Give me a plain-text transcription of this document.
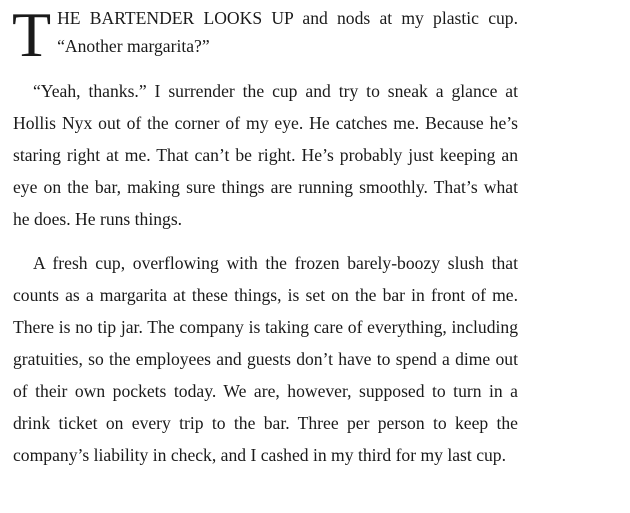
T HE BARTENDER LOOKS UP and nods at my plastic cup. “Another margarita?”

“Yeah, thanks.” I surrender the cup and try to sneak a glance at Hollis Nyx out of the corner of my eye. He catches me. Because he’s staring right at me. That can’t be right. He’s probably just keeping an eye on the bar, making sure things are running smoothly. That’s what he does. He runs things.

A fresh cup, overflowing with the frozen barely-boozy slush that counts as a margarita at these things, is set on the bar in front of me. There is no tip jar. The company is taking care of everything, including gratuities, so the employees and guests don’t have to spend a dime out of their own pockets today. We are, however, supposed to turn in a drink ticket on every trip to the bar. Three per person to keep the company’s liability in check, and I cashed in my third for my last cup.
